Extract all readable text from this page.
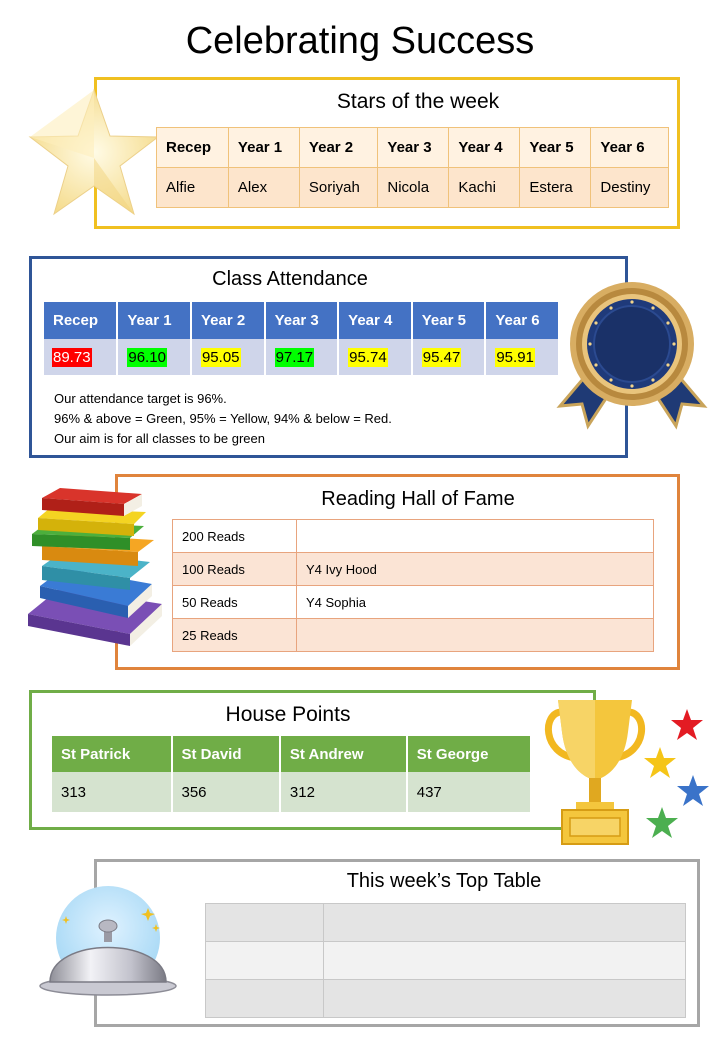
Celebrating Success
Stars of the week
Recep	Year 1	Year 2	Year 3	Year 4	Year 5	Year 6
Alfie	Alex	Soriyah	Nicola	Kachi	Estera	Destiny
Class Attendance
Recep	Year 1	Year 2	Year 3	Year 4	Year 5	Year 6
89.73	96.10	95.05	97.17	95.74	95.47	95.91
Our attendance target is 96%.
96% & above = Green, 95% = Yellow, 94% & below = Red.
Our aim is for all classes to be green
Reading Hall of Fame
200 Reads	
100 Reads	Y4 Ivy Hood
50 Reads	Y4 Sophia
25 Reads	
House Points
St Patrick	St David	St Andrew	St George
313	356	312	437
This week’s Top Table
